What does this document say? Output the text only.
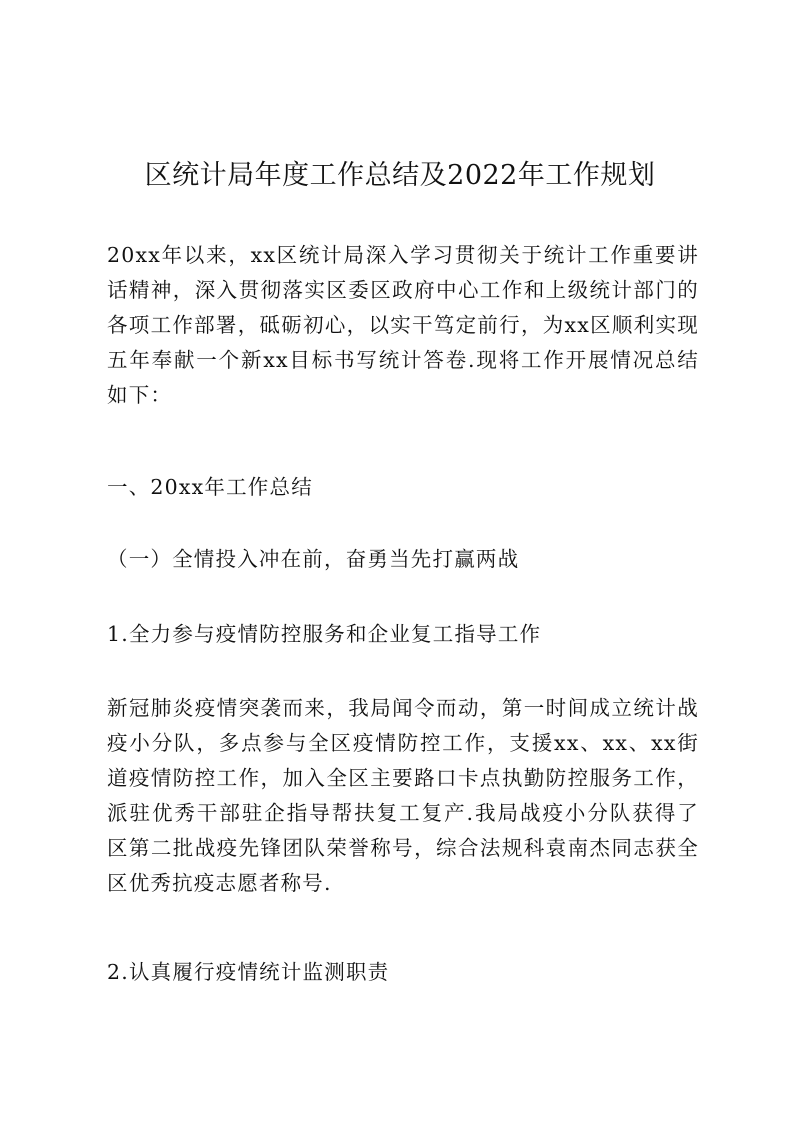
区统计局年度工作总结及2022年工作规划

20xx年以来，xx区统计局深入学习贯彻关于统计工作重要讲话精神，深入贯彻落实区委区政府中心工作和上级统计部门的各项工作部署，砥砺初心，以实干笃定前行，为xx区顺利实现五年奉献一个新xx目标书写统计答卷.现将工作开展情况总结如下：

一、20xx年工作总结

（一）全情投入冲在前，奋勇当先打赢两战

1.全力参与疫情防控服务和企业复工指导工作

新冠肺炎疫情突袭而来，我局闻令而动，第一时间成立统计战疫小分队，多点参与全区疫情防控工作，支援xx、xx、xx街道疫情防控工作，加入全区主要路口卡点执勤防控服务工作，派驻优秀干部驻企指导帮扶复工复产.我局战疫小分队获得了区第二批战疫先锋团队荣誉称号，综合法规科袁南杰同志获全区优秀抗疫志愿者称号.

2.认真履行疫情统计监测职责
